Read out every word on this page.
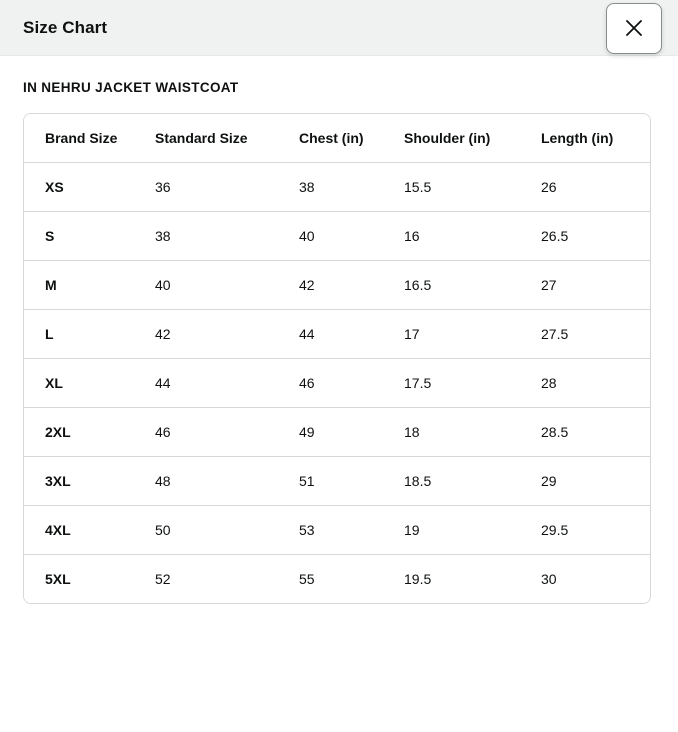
Size Chart
IN NEHRU JACKET WAISTCOAT
Brand Size	Standard Size	Chest (in)	Shoulder (in)	Length (in)
XS	36	38	15.5	26
S	38	40	16	26.5
M	40	42	16.5	27
L	42	44	17	27.5
XL	44	46	17.5	28
2XL	46	49	18	28.5
3XL	48	51	18.5	29
4XL	50	53	19	29.5
5XL	52	55	19.5	30
